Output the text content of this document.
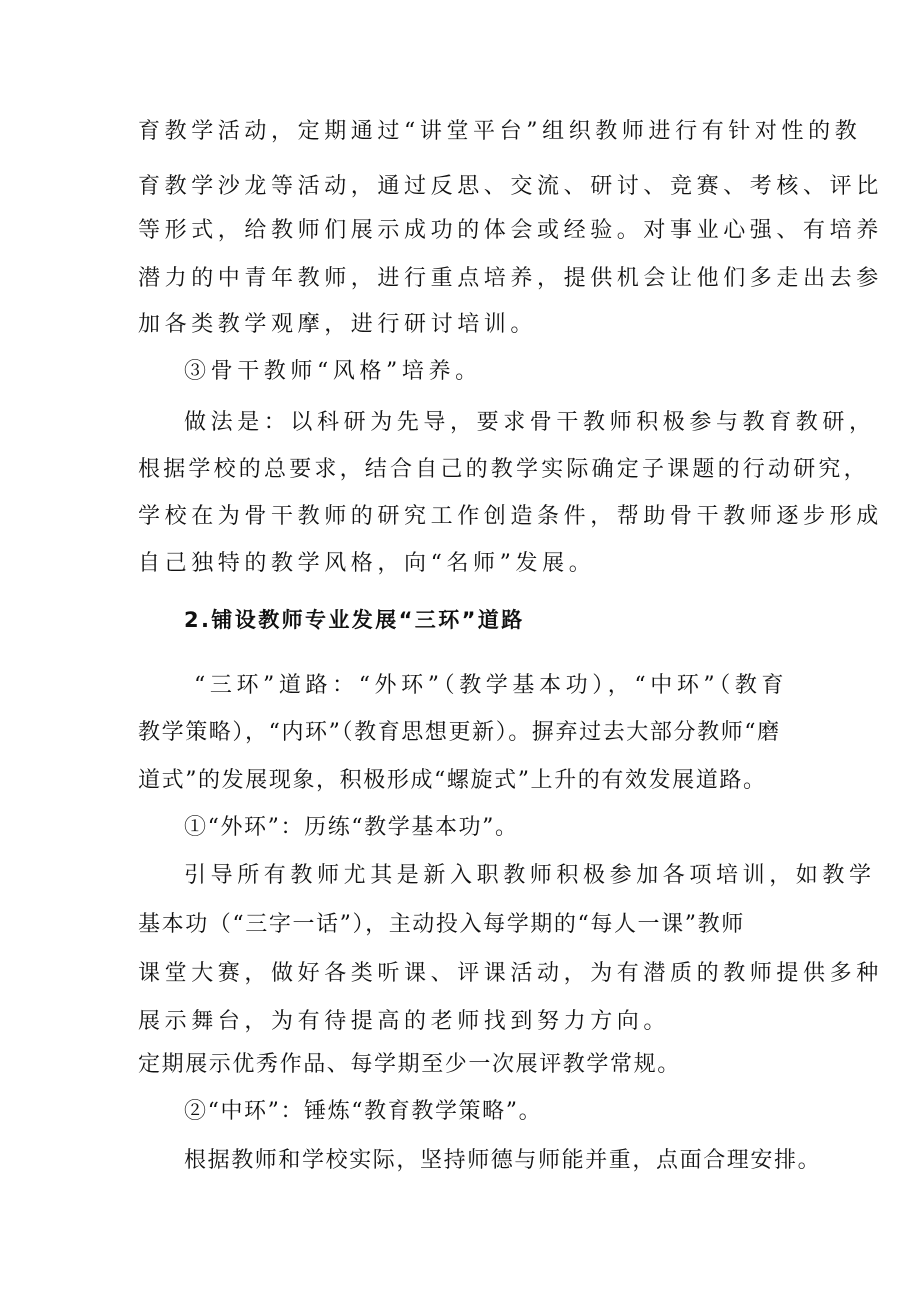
育教学活动，定期通过“讲堂平台”组织教师进行有针对性的教
育教学沙龙等活动，通过反思、交流、研讨、竞赛、考核、评比
等形式，给教师们展示成功的体会或经验。对事业心强、有培养
潜力的中青年教师，进行重点培养，提供机会让他们多走出去参
加各类教学观摩，进行研讨培训。
③骨干教师“风格”培养。
做法是：以科研为先导，要求骨干教师积极参与教育教研，
根据学校的总要求，结合自己的教学实际确定子课题的行动研究，
学校在为骨干教师的研究工作创造条件，帮助骨干教师逐步形成
自己独特的教学风格，向“名师”发展。
2.铺设教师专业发展“三环”道路
“三环”道路：“外环”（教学基本功），“中环”（教育
教学策略），“内环”（教育思想更新）。摒弃过去大部分教师“磨
道式”的发展现象，积极形成“螺旋式”上升的有效发展道路。
①“外环”：历练“教学基本功”。
引导所有教师尤其是新入职教师积极参加各项培训，如教学
基本功（“三字一话”），主动投入每学期的“每人一课”教师
课堂大赛，做好各类听课、评课活动，为有潜质的教师提供多种
展示舞台，为有待提高的老师找到努力方向。
定期展示优秀作品、每学期至少一次展评教学常规。
②“中环”：锤炼“教育教学策略”。
根据教师和学校实际，坚持师德与师能并重，点面合理安排。
